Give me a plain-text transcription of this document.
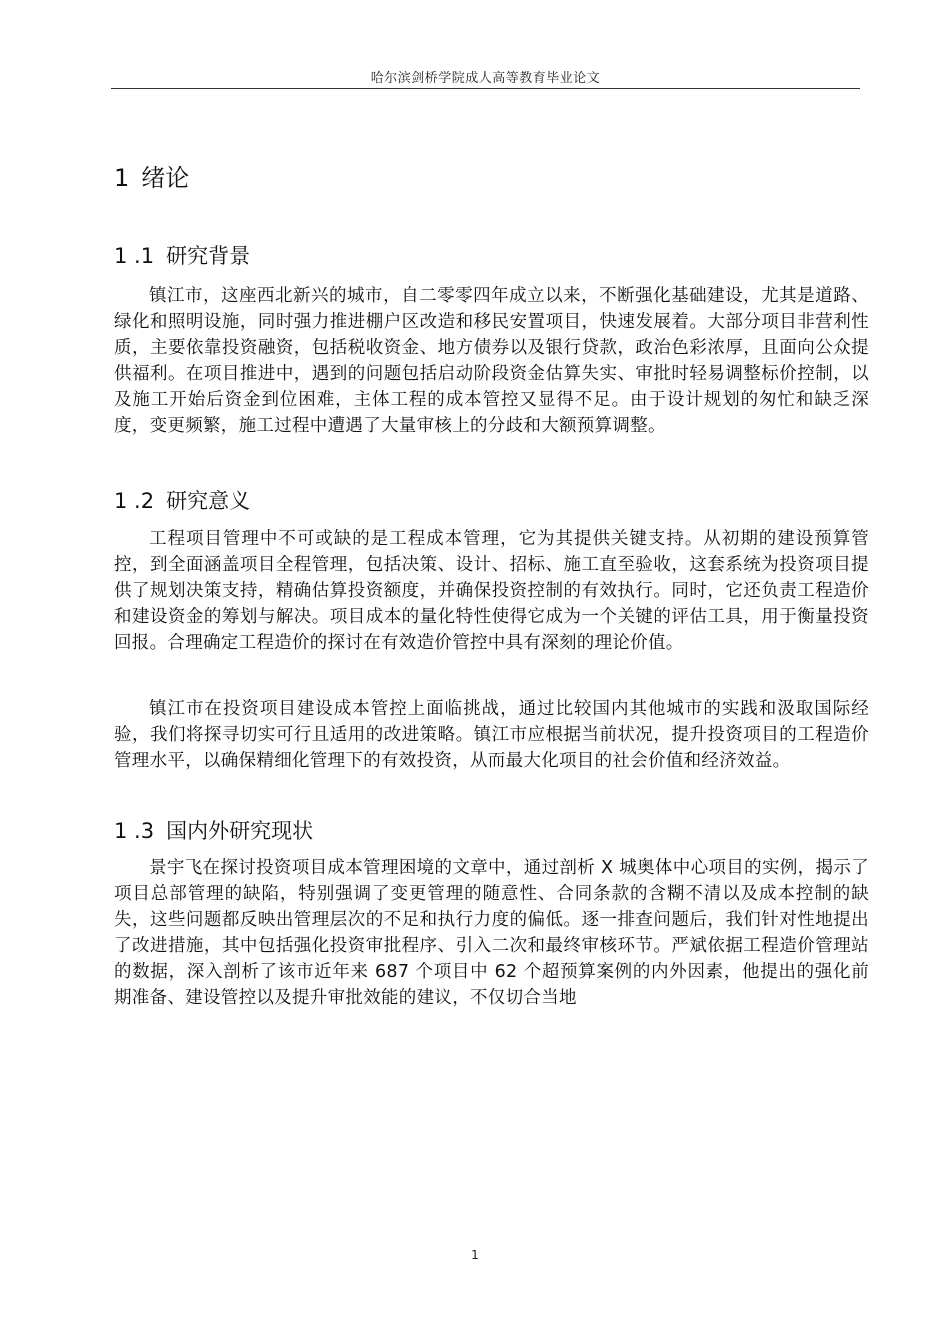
哈尔滨剑桥学院成人高等教育毕业论文
1 绪论
1 .1 研究背景

镇江市，这座西北新兴的城市，自二零零四年成立以来，不断强化基础建设，尤其是道路、绿化和照明设施，同时强力推进棚户区改造和移民安置项目，快速发展着。大部分项目非营利性质，主要依靠投资融资，包括税收资金、地方债券以及银行贷款，政治色彩浓厚，且面向公众提供福利。在项目推进中，遇到的问题包括启动阶段资金估算失实、审批时轻易调整标价控制，以及施工开始后资金到位困难，主体工程的成本管控又显得不足。由于设计规划的匆忙和缺乏深度，变更频繁，施工过程中遭遇了大量审核上的分歧和大额预算调整。

1 .2 研究意义

工程项目管理中不可或缺的是工程成本管理，它为其提供关键支持。从初期的建设预算管控，到全面涵盖项目全程管理，包括决策、设计、招标、施工直至验收，这套系统为投资项目提供了规划决策支持，精确估算投资额度，并确保投资控制的有效执行。同时，它还负责工程造价和建设资金的筹划与解决。项目成本的量化特性使得它成为一个关键的评估工具，用于衡量投资回报。合理确定工程造价的探讨在有效造价管控中具有深刻的理论价值。

镇江市在投资项目建设成本管控上面临挑战，通过比较国内其他城市的实践和汲取国际经验，我们将探寻切实可行且适用的改进策略。镇江市应根据当前状况，提升投资项目的工程造价管理水平，以确保精细化管理下的有效投资，从而最大化项目的社会价值和经济效益。

1 .3 国内外研究现状

景宇飞在探讨投资项目成本管理困境的文章中，通过剖析 X 城奥体中心项目的实例，揭示了项目总部管理的缺陷，特别强调了变更管理的随意性、合同条款的含糊不清以及成本控制的缺失，这些问题都反映出管理层次的不足和执行力度的偏低。逐一排查问题后，我们针对性地提出了改进措施，其中包括强化投资审批程序、引入二次和最终审核环节。严斌依据工程造价管理站的数据，深入剖析了该市近年来 687 个项目中 62 个超预算案例的内外因素，他提出的强化前期准备、建设管控以及提升审批效能的建议，不仅切合当地

1
